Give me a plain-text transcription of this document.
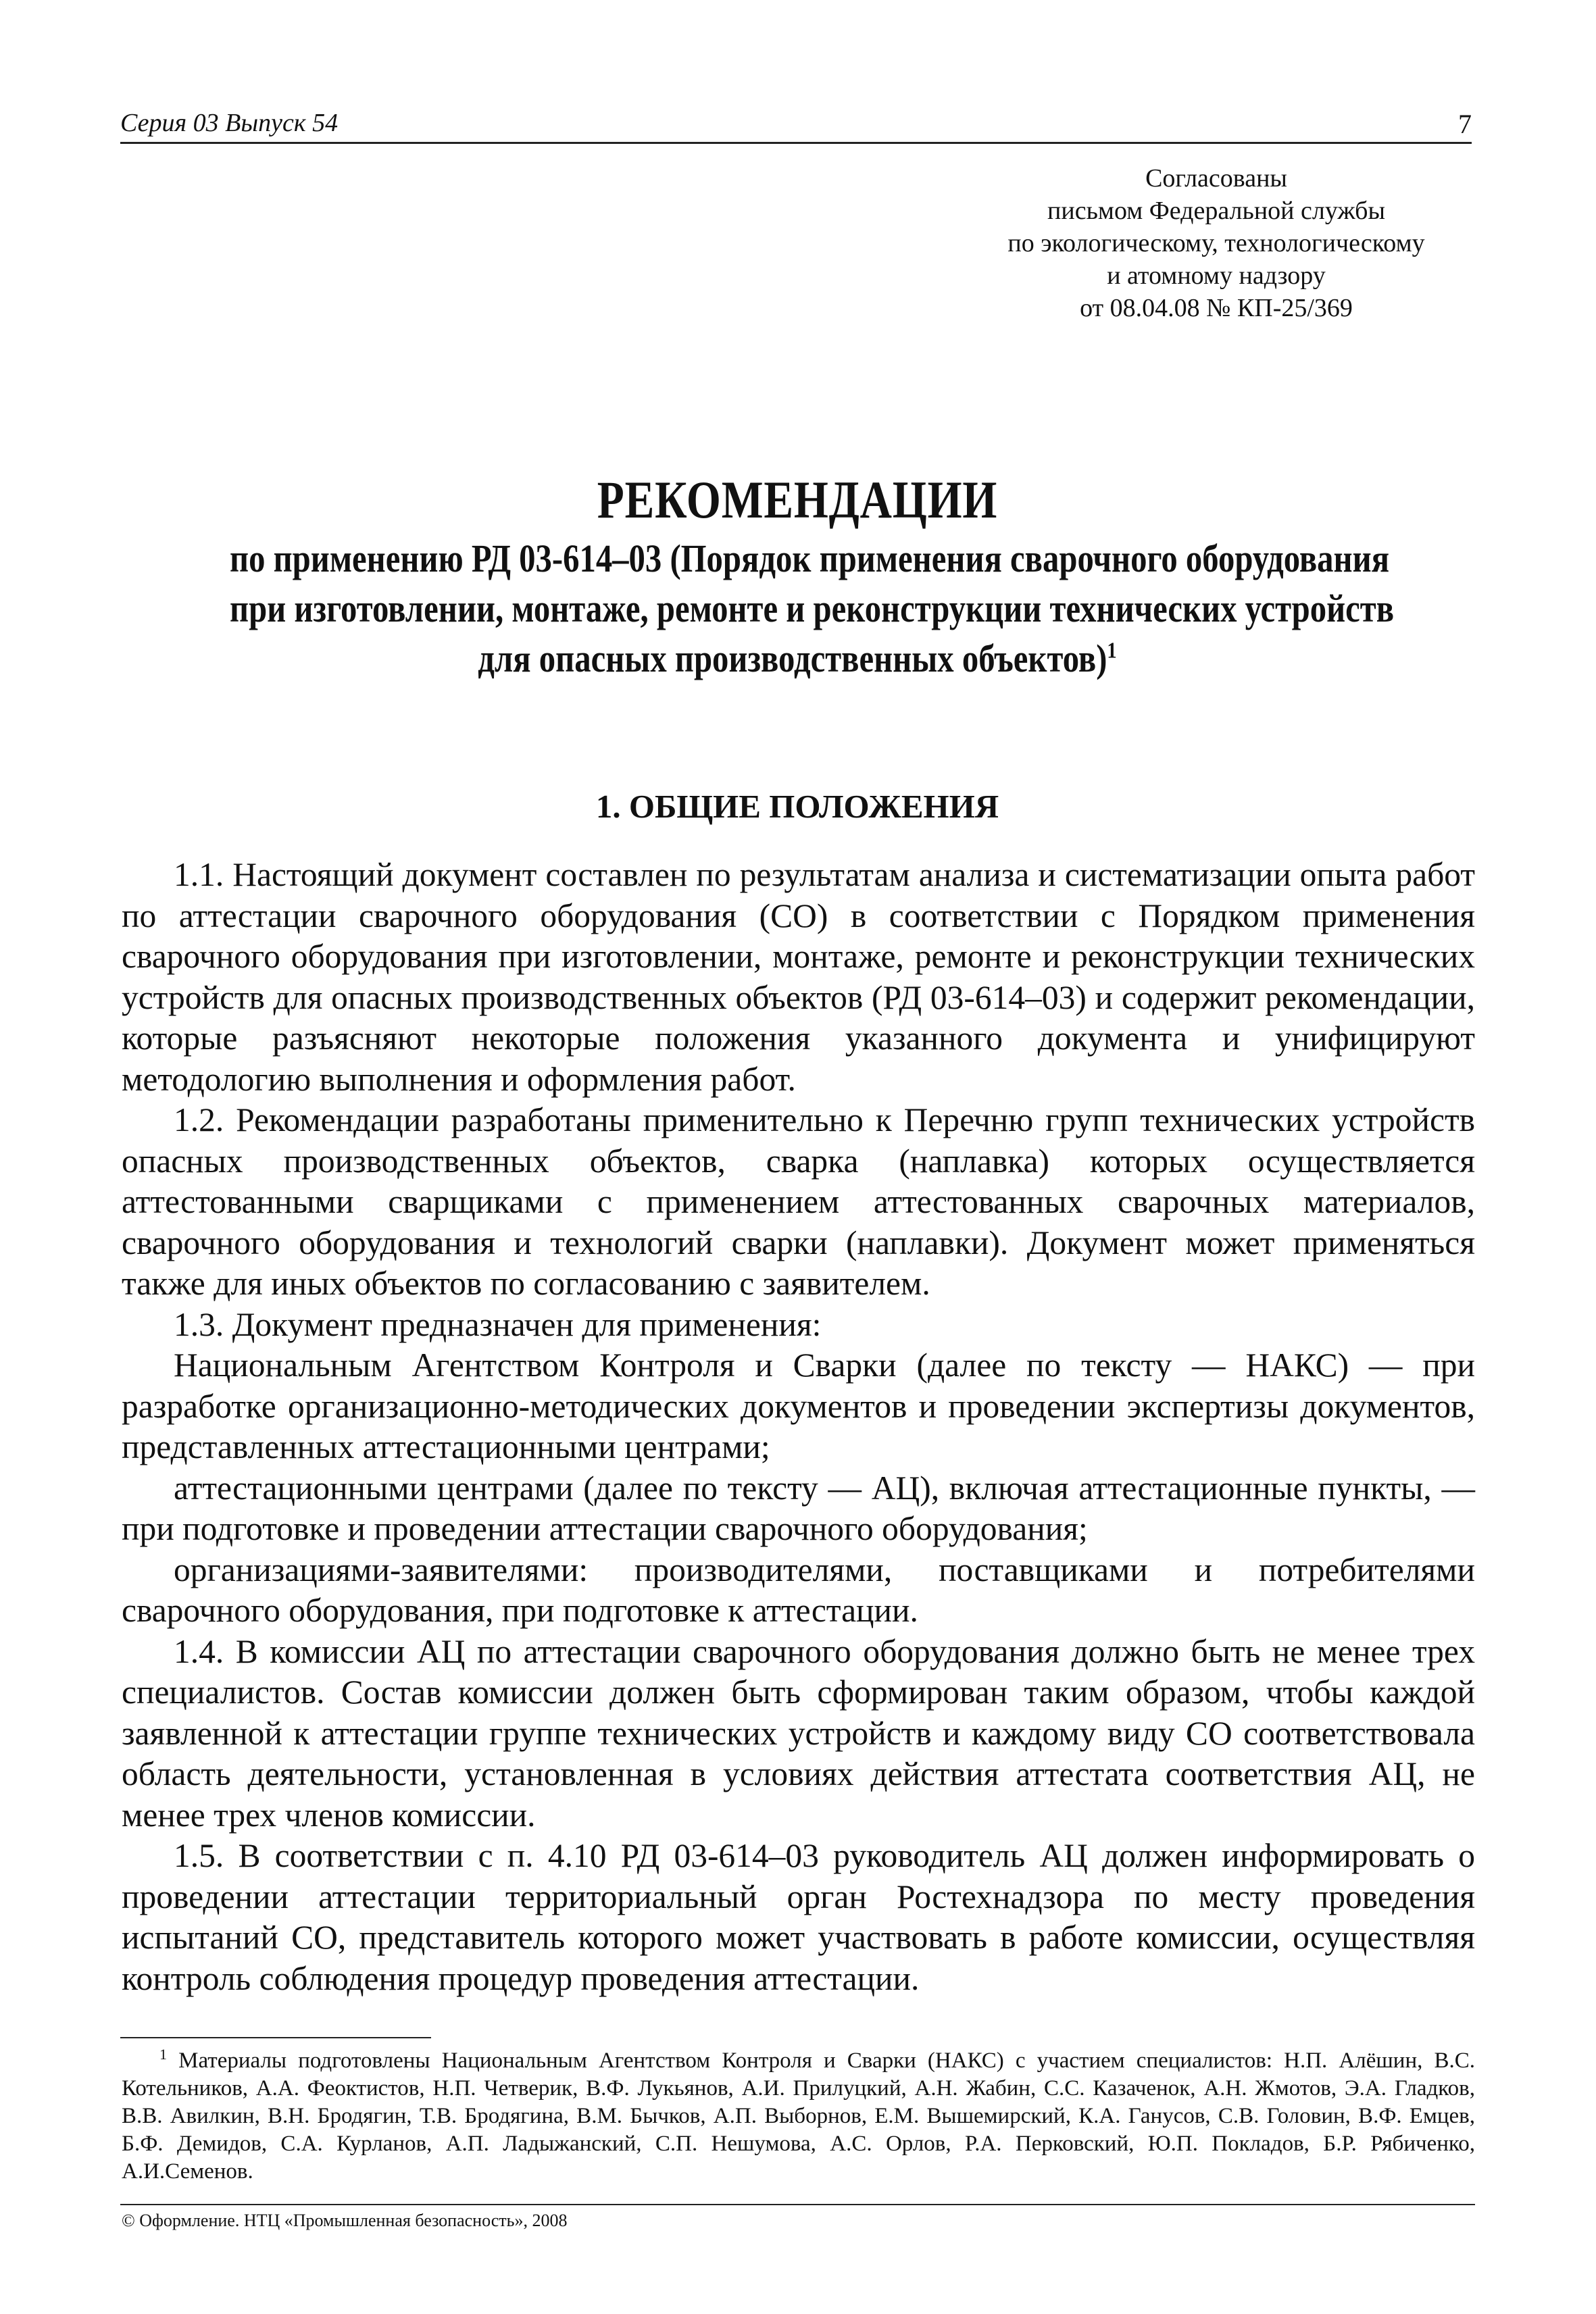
Серия 03 Выпуск 54	7
Согласованы
письмом Федеральной службы
по экологическому, технологическому
и атомному надзору
от 08.04.08 № КП-25/369
РЕКОМЕНДАЦИИ
по применению РД 03-614–03 (Порядок применения сварочного оборудования
при изготовлении, монтаже, ремонте и реконструкции технических устройств
для опасных производственных объектов)$^1$
1. ОБЩИЕ ПОЛОЖЕНИЯ

1.1. Настоящий документ составлен по результатам анализа и систематизации опыта работ по аттестации сварочного оборудования (СО) в соответствии с Порядком применения сварочного оборудования при изготовлении, монтаже, ремонте и реконструкции технических устройств для опасных производственных объектов (РД 03-614–03) и содержит рекомендации, которые разъясняют некоторые положения указанного документа и унифицируют методологию выполнения и оформления работ.

1.2. Рекомендации разработаны применительно к Перечню групп технических устройств опасных производственных объектов, сварка (наплавка) которых осуществляется аттестованными сварщиками с применением аттестованных сварочных материалов, сварочного оборудования и технологий сварки (наплавки). Документ может применяться также для иных объектов по согласованию с заявителем.

1.3. Документ предназначен для применения:

Национальным Агентством Контроля и Сварки (далее по тексту — НАКС) — при разработке организационно-методических документов и проведении экспертизы документов, представленных аттестационными центрами;

аттестационными центрами (далее по тексту — АЦ), включая аттестационные пункты, — при подготовке и проведении аттестации сварочного оборудования;

организациями-заявителями: производителями, поставщиками и потребителями сварочного оборудования, при подготовке к аттестации.

1.4. В комиссии АЦ по аттестации сварочного оборудования должно быть не менее трех специалистов. Состав комиссии должен быть сформирован таким образом, чтобы каждой заявленной к аттестации группе технических устройств и каждому виду СО соответствовала область деятельности, установленная в условиях действия аттестата соответствия АЦ, не менее трех членов комиссии.

1.5. В соответствии с п. 4.10 РД 03-614–03 руководитель АЦ должен информировать о проведении аттестации территориальный орган Ростехнадзора по месту проведения испытаний СО, представитель которого может участвовать в работе комиссии, осуществляя контроль соблюдения процедур проведения аттестации.

$^1$ Материалы подготовлены Национальным Агентством Контроля и Сварки (НАКС) с участием специалистов: Н.П. Алёшин, В.С. Котельников, А.А. Феоктистов, Н.П. Четверик, В.Ф. Лукьянов, А.И. Прилуцкий, А.Н. Жабин, С.С. Казаченок, А.Н. Жмотов, Э.А. Гладков, В.В. Авилкин, В.Н. Бродягин, Т.В. Бродягина, В.М. Бычков, А.П. Выборнов, Е.М. Вышемирский, К.А. Ганусов, С.В. Головин, В.Ф. Емцев, Б.Ф. Демидов, С.А. Курланов, А.П. Ладыжанский, С.П. Нешумова, А.С. Орлов, Р.А. Перковский, Ю.П. Покладов, Б.Р. Рябиченко, А.И.Семенов.
© Оформление. НТЦ «Промышленная безопасность», 2008
